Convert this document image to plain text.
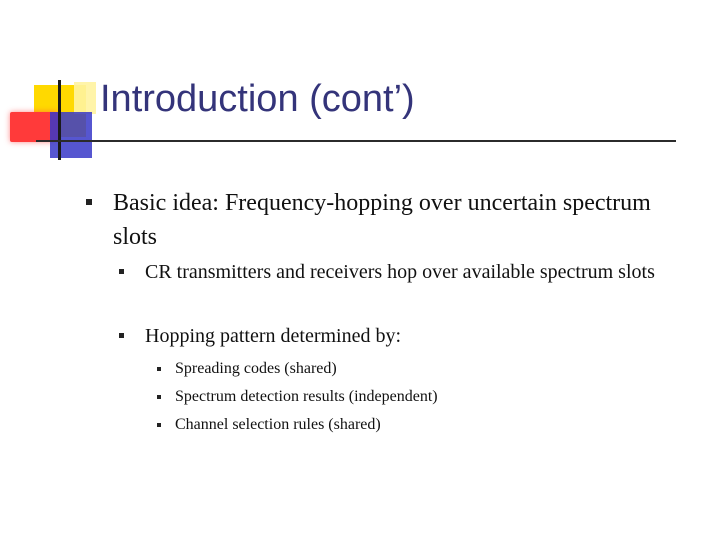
Introduction (cont’)
Basic idea: Frequency-hopping over uncertain spectrum slots
CR transmitters and receivers hop over available spectrum slots
Hopping pattern determined by:
Spreading codes (shared)
Spectrum detection results (independent)
Channel selection rules (shared)
